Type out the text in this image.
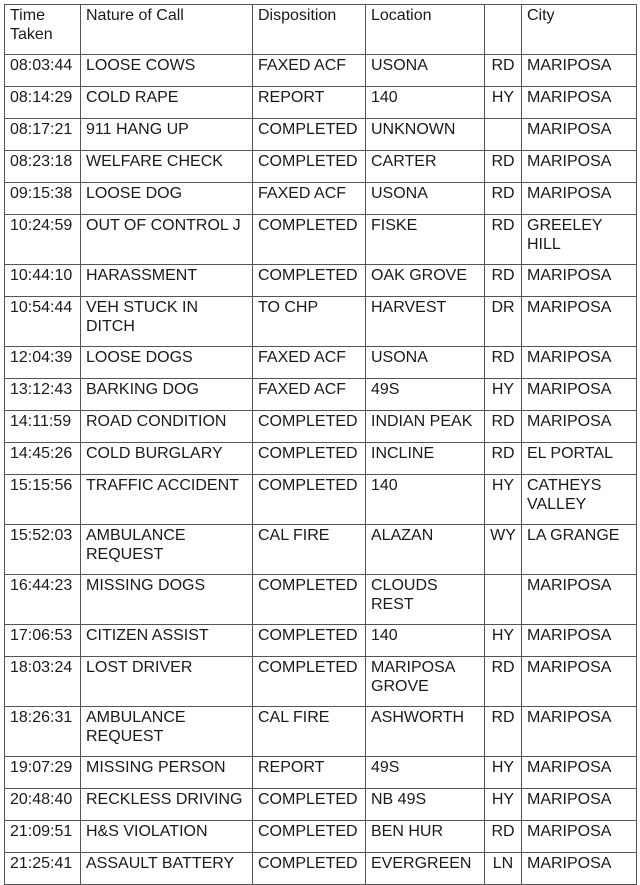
Time
Taken	Nature of Call	Disposition	Location		City
08:03:44	LOOSE COWS	FAXED ACF	USONA	RD	MARIPOSA
08:14:29	COLD RAPE	REPORT	140	HY	MARIPOSA
08:17:21	911 HANG UP	COMPLETED	UNKNOWN		MARIPOSA
08:23:18	WELFARE CHECK	COMPLETED	CARTER	RD	MARIPOSA
09:15:38	LOOSE DOG	FAXED ACF	USONA	RD	MARIPOSA
10:24:59	OUT OF CONTROL J	COMPLETED	FISKE	RD	GREELEY HILL
10:44:10	HARASSMENT	COMPLETED	OAK GROVE	RD	MARIPOSA
10:54:44	VEH STUCK IN DITCH	TO CHP	HARVEST	DR	MARIPOSA
12:04:39	LOOSE DOGS	FAXED ACF	USONA	RD	MARIPOSA
13:12:43	BARKING DOG	FAXED ACF	49S	HY	MARIPOSA
14:11:59	ROAD CONDITION	COMPLETED	INDIAN PEAK	RD	MARIPOSA
14:45:26	COLD BURGLARY	COMPLETED	INCLINE	RD	EL PORTAL
15:15:56	TRAFFIC ACCIDENT	COMPLETED	140	HY	CATHEYS VALLEY
15:52:03	AMBULANCE REQUEST	CAL FIRE	ALAZAN	WY	LA GRANGE
16:44:23	MISSING DOGS	COMPLETED	CLOUDS REST		MARIPOSA
17:06:53	CITIZEN ASSIST	COMPLETED	140	HY	MARIPOSA
18:03:24	LOST DRIVER	COMPLETED	MARIPOSA GROVE	RD	MARIPOSA
18:26:31	AMBULANCE REQUEST	CAL FIRE	ASHWORTH	RD	MARIPOSA
19:07:29	MISSING PERSON	REPORT	49S	HY	MARIPOSA
20:48:40	RECKLESS DRIVING	COMPLETED	NB 49S	HY	MARIPOSA
21:09:51	H&S VIOLATION	COMPLETED	BEN HUR	RD	MARIPOSA
21:25:41	ASSAULT BATTERY	COMPLETED	EVERGREEN	LN	MARIPOSA
